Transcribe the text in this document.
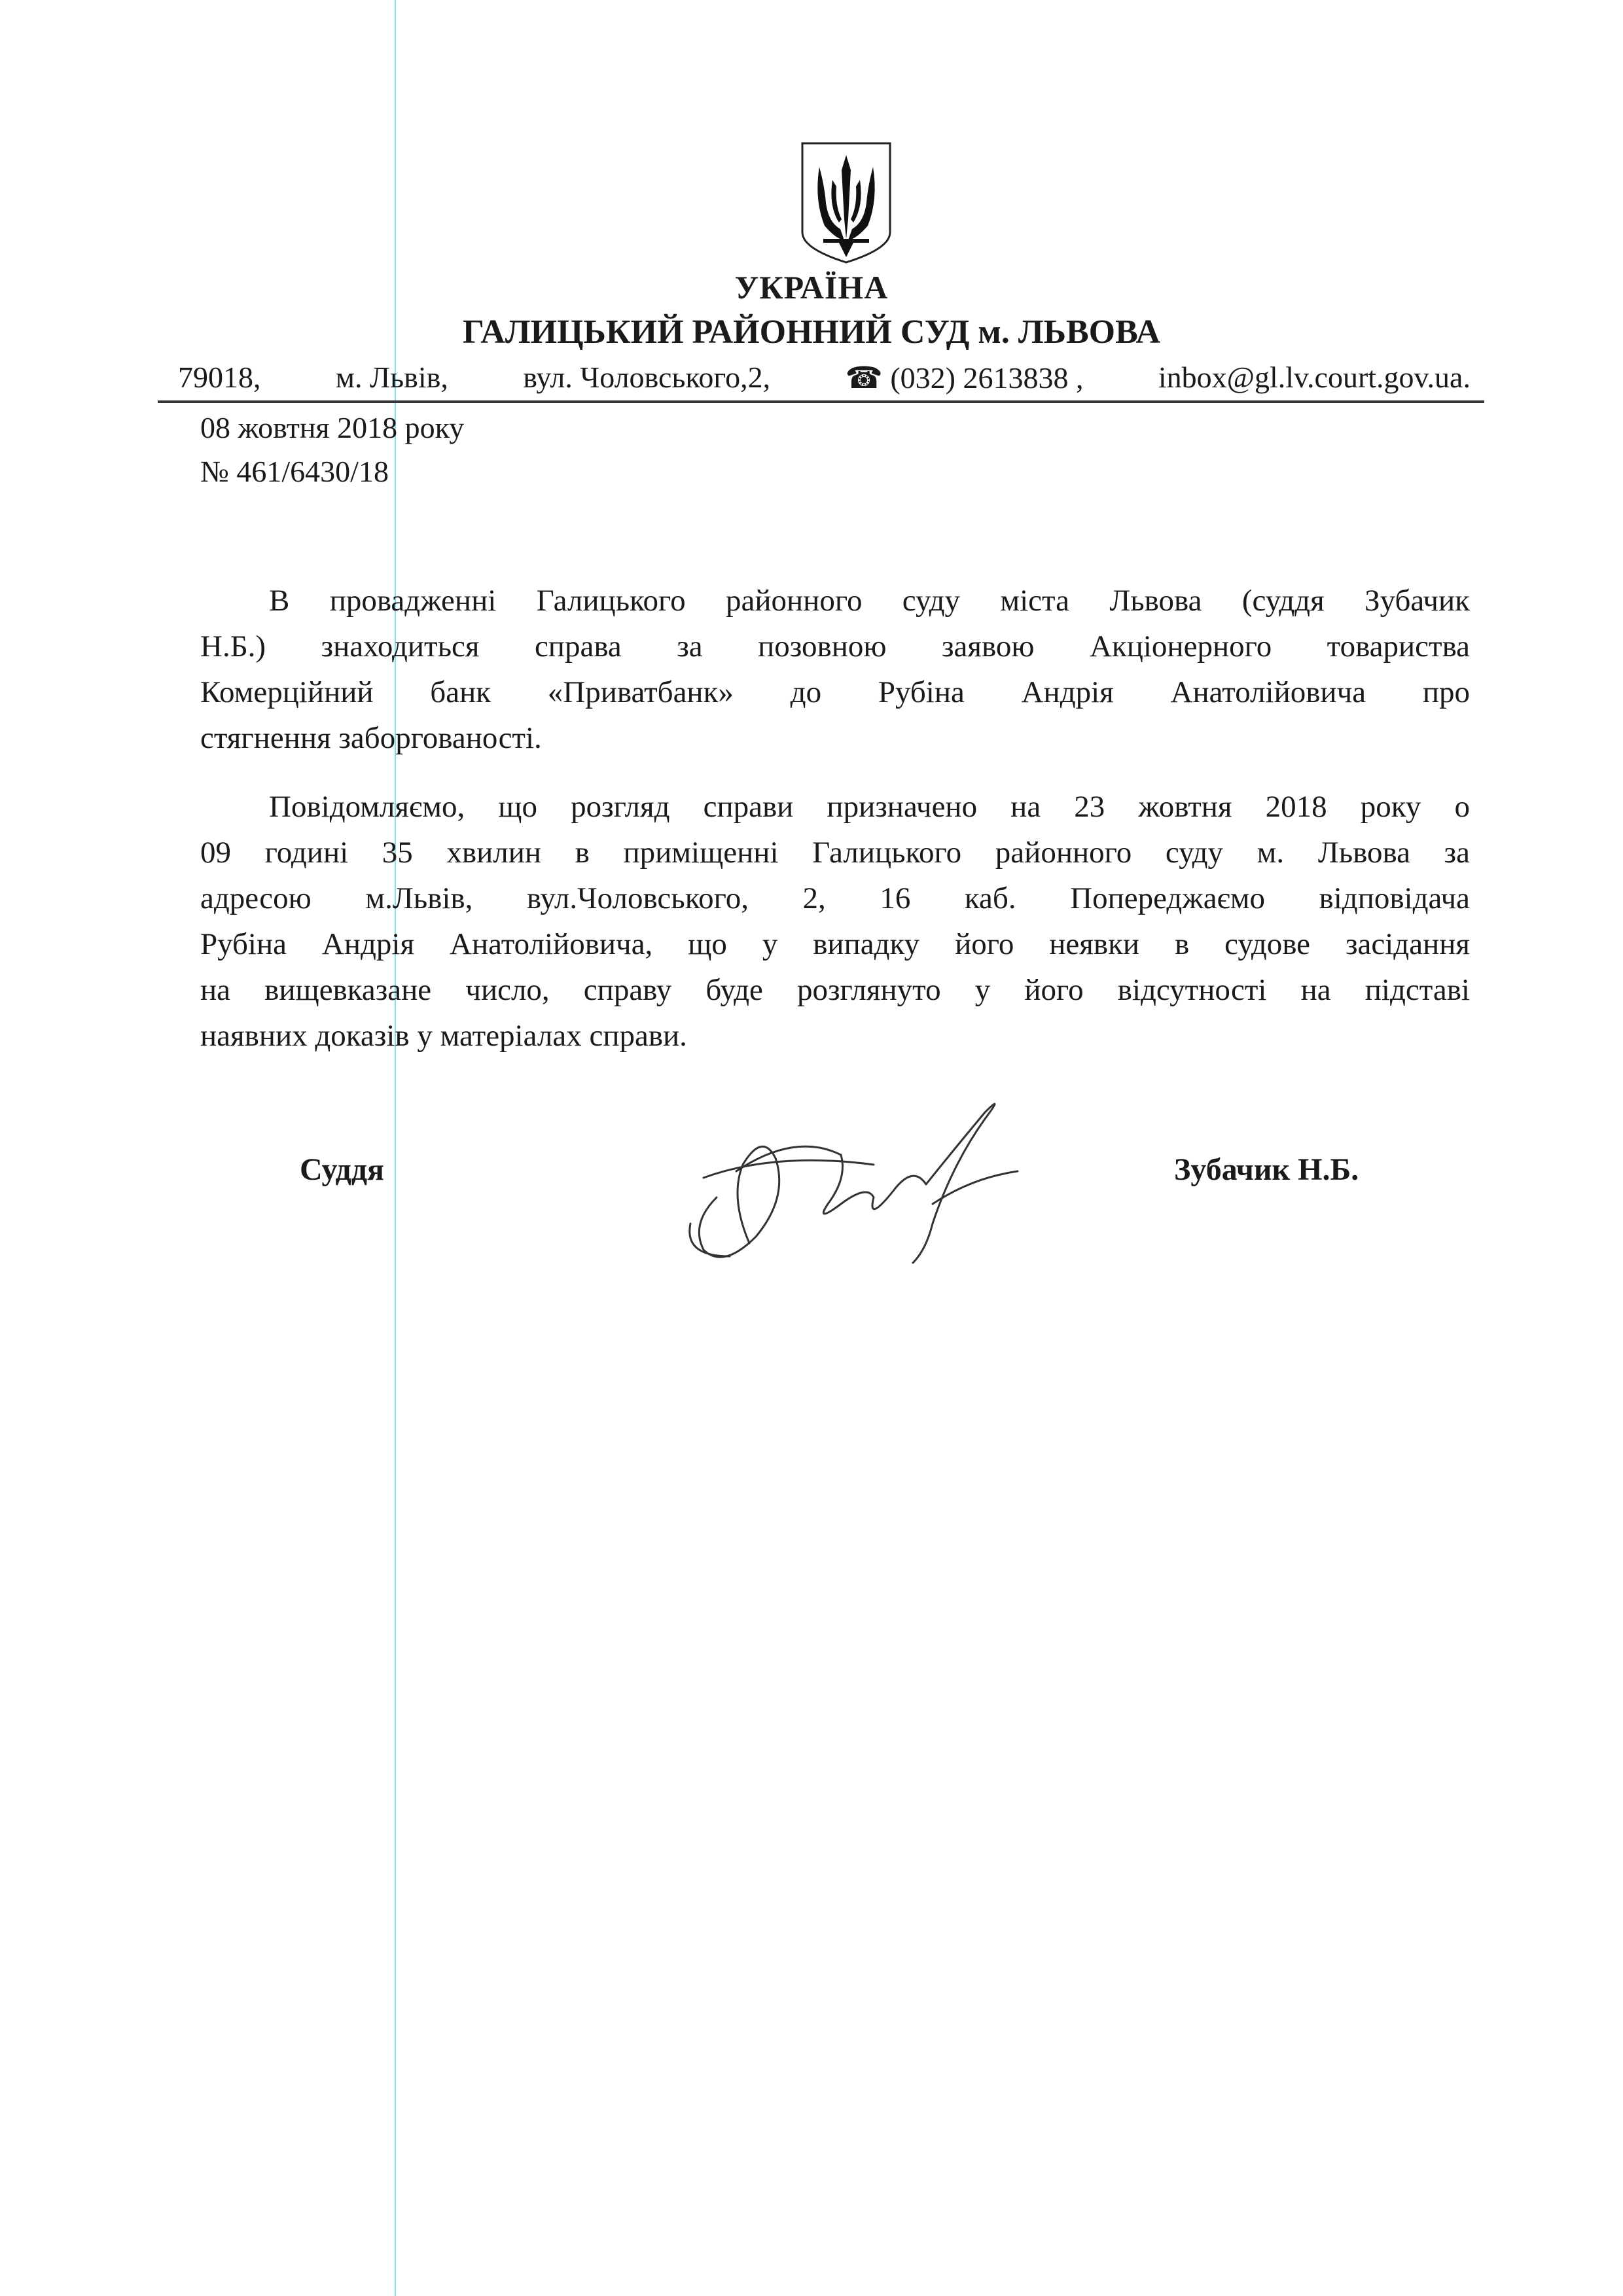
УКРАЇНА
ГАЛИЦЬКИЙ РАЙОННИЙ СУД м. ЛЬВОВА
79018, м. Львів, вул. Чоловського,2, ☎ (032) 2613838 , inbox@gl.lv.court.gov.ua.
08 жовтня 2018 року
№ 461/6430/18
В провадженні Галицького районного суду міста Львова (суддя Зубачик
Н.Б.) знаходиться справа за позовною заявою Акціонерного товариства
Комерційний банк «Приватбанк» до Рубіна Андрія Анатолійовича про
стягнення заборгованості.
Повідомляємо, що розгляд справи призначено на 23 жовтня 2018 року о
09 годині 35 хвилин в приміщенні Галицького районного суду м. Львова за
адресою м.Львів, вул.Чоловського, 2, 16 каб. Попереджаємо відповідача
Рубіна Андрія Анатолійовича, що у випадку його неявки в судове засідання
на вищевказане число, справу буде розглянуто у його відсутності на підставі
наявних доказів у матеріалах справи.
Суддя	Зубачик Н.Б.
